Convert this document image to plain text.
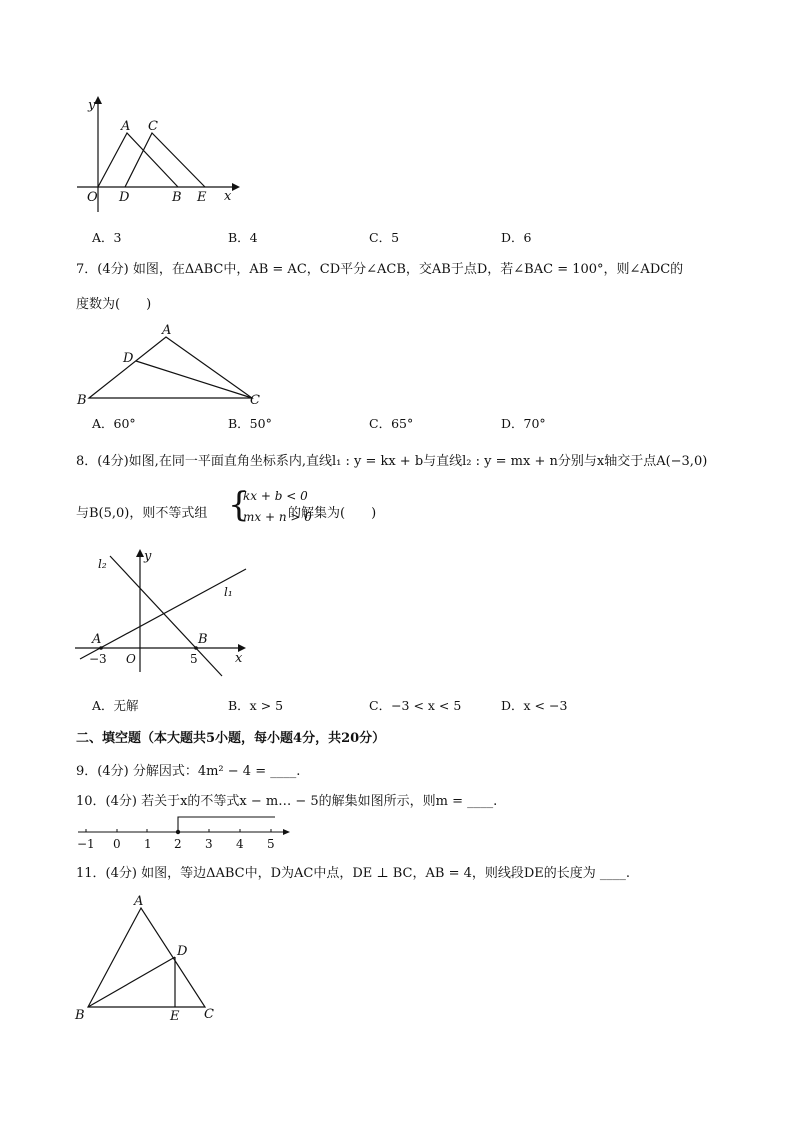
y
A C
O D	B E x
A．3	B．4	C．5	D．6
7．(4分) 如图，在ΔABC中，AB = AC，CD平分∠ACB，交AB于点D，若∠BAC = 100°，则∠ADC的
度数为(　　)
A
D
B	C
A．60°	B．50°	C．65°	D．70°
8．(4分)如图,在同一平面直角坐标系内,直线l₁ : y = kx + b与直线l₂ : y = mx + n分别与x轴交于点A(−3,0)
与B(5,0)，则不等式组 {
kx + b < 0
mx + n > 0
的解集为(　　)
l₂	y
l₁
A	B
−3 O	5	x
A．无解	B．x > 5	C．−3 < x < 5	D．x < −3
二、填空题（本大题共5小题，每小题4分，共20分）
9．(4分) 分解因式：4m² − 4 = ____.
10．(4分) 若关于x的不等式x − m… − 5的解集如图所示，则m = ____.
−1 0 1 2 3 4 5
11．(4分) 如图，等边ΔABC中，D为AC中点，DE ⊥ BC，AB = 4，则线段DE的长度为 ____.
A
D
B	E C
